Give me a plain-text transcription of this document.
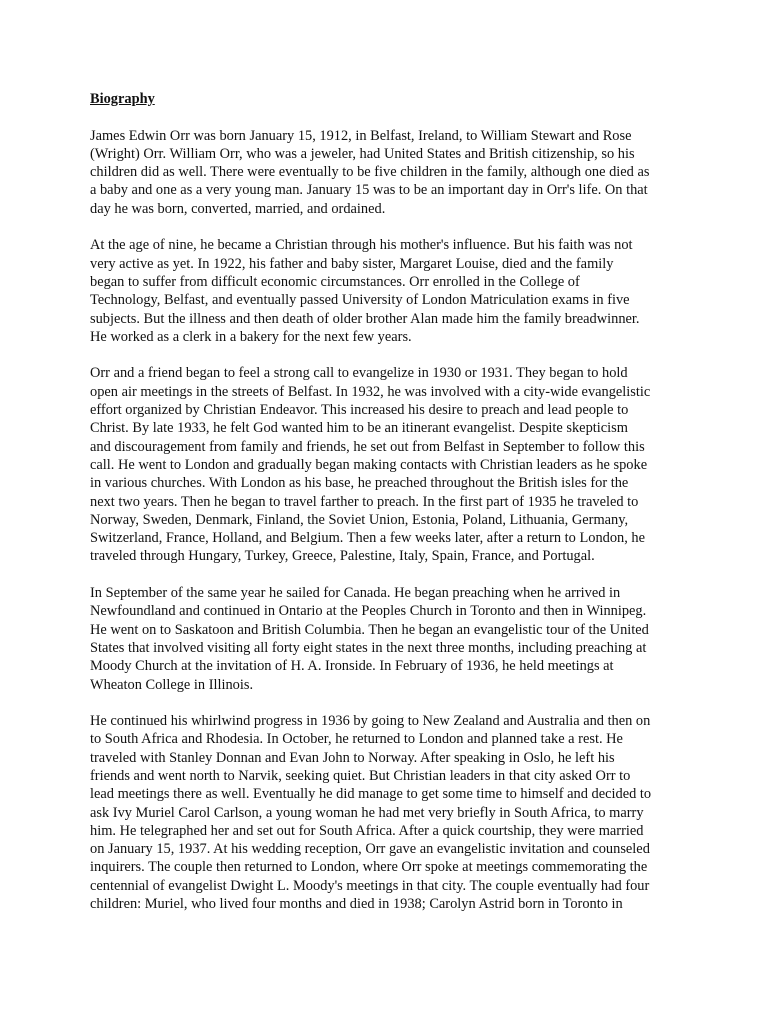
Biography
James Edwin Orr was born January 15, 1912, in Belfast, Ireland, to William Stewart and Rose
(Wright) Orr. William Orr, who was a jeweler, had United States and British citizenship, so his
children did as well. There were eventually to be five children in the family, although one died as
a baby and one as a very young man. January 15 was to be an important day in Orr's life. On that
day he was born, converted, married, and ordained.
At the age of nine, he became a Christian through his mother's influence. But his faith was not
very active as yet. In 1922, his father and baby sister, Margaret Louise, died and the family
began to suffer from difficult economic circumstances. Orr enrolled in the College of
Technology, Belfast, and eventually passed University of London Matriculation exams in five
subjects. But the illness and then death of older brother Alan made him the family breadwinner.
He worked as a clerk in a bakery for the next few years.
Orr and a friend began to feel a strong call to evangelize in 1930 or 1931. They began to hold
open air meetings in the streets of Belfast. In 1932, he was involved with a city-wide evangelistic
effort organized by Christian Endeavor. This increased his desire to preach and lead people to
Christ. By late 1933, he felt God wanted him to be an itinerant evangelist. Despite skepticism
and discouragement from family and friends, he set out from Belfast in September to follow this
call. He went to London and gradually began making contacts with Christian leaders as he spoke
in various churches. With London as his base, he preached throughout the British isles for the
next two years. Then he began to travel farther to preach. In the first part of 1935 he traveled to
Norway, Sweden, Denmark, Finland, the Soviet Union, Estonia, Poland, Lithuania, Germany,
Switzerland, France, Holland, and Belgium. Then a few weeks later, after a return to London, he
traveled through Hungary, Turkey, Greece, Palestine, Italy, Spain, France, and Portugal.
In September of the same year he sailed for Canada. He began preaching when he arrived in
Newfoundland and continued in Ontario at the Peoples Church in Toronto and then in Winnipeg.
He went on to Saskatoon and British Columbia. Then he began an evangelistic tour of the United
States that involved visiting all forty eight states in the next three months, including preaching at
Moody Church at the invitation of H. A. Ironside. In February of 1936, he held meetings at
Wheaton College in Illinois.
He continued his whirlwind progress in 1936 by going to New Zealand and Australia and then on
to South Africa and Rhodesia. In October, he returned to London and planned take a rest. He
traveled with Stanley Donnan and Evan John to Norway. After speaking in Oslo, he left his
friends and went north to Narvik, seeking quiet. But Christian leaders in that city asked Orr to
lead meetings there as well. Eventually he did manage to get some time to himself and decided to
ask Ivy Muriel Carol Carlson, a young woman he had met very briefly in South Africa, to marry
him. He telegraphed her and set out for South Africa. After a quick courtship, they were married
on January 15, 1937. At his wedding reception, Orr gave an evangelistic invitation and counseled
inquirers. The couple then returned to London, where Orr spoke at meetings commemorating the
centennial of evangelist Dwight L. Moody's meetings in that city. The couple eventually had four
children: Muriel, who lived four months and died in 1938; Carolyn Astrid born in Toronto in
